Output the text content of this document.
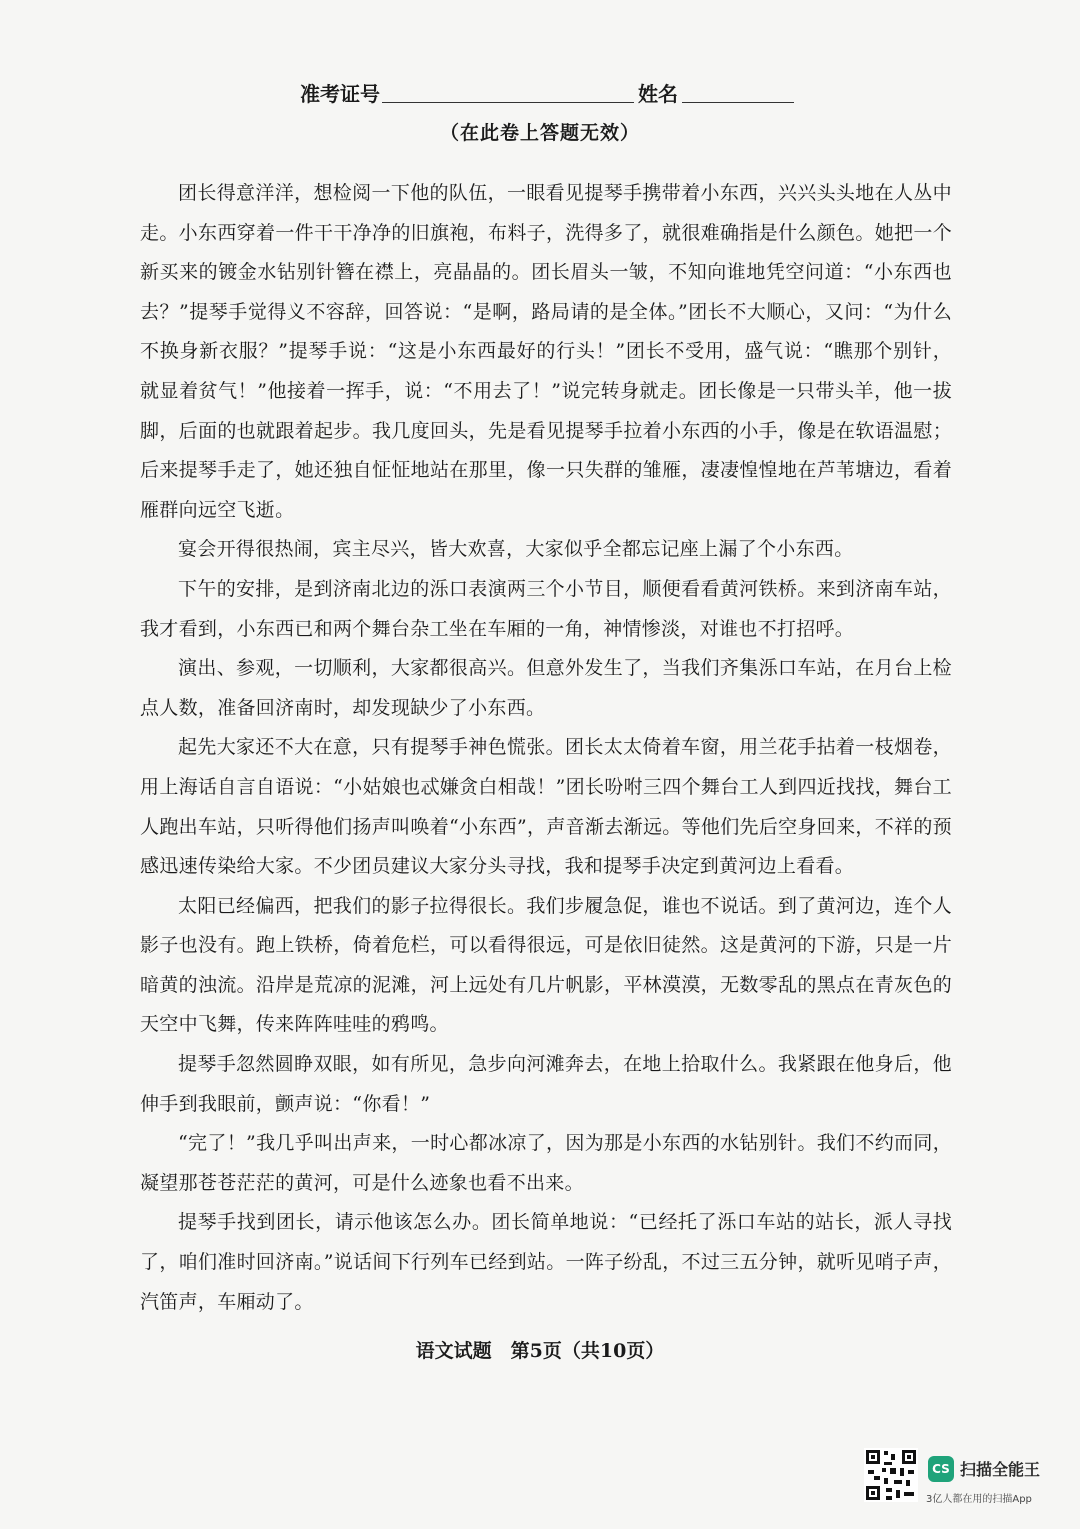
准考证号	姓名
（在此卷上答题无效）

团长得意洋洋，想检阅一下他的队伍，一眼看见提琴手携带着小东西，兴兴头头地在人丛中走。小东西穿着一件干干净净的旧旗袍，布料子，洗得多了，就很难确指是什么颜色。她把一个新买来的镀金水钻别针簪在襟上，亮晶晶的。团长眉头一皱，不知向谁地凭空问道：“小东西也去？”提琴手觉得义不容辞，回答说：“是啊，路局请的是全体。”团长不大顺心，又问：“为什么不换身新衣服？”提琴手说：“这是小东西最好的行头！”团长不受用，盛气说：“瞧那个别针，就显着贫气！”他接着一挥手，说：“不用去了！”说完转身就走。团长像是一只带头羊，他一拔脚，后面的也就跟着起步。我几度回头，先是看见提琴手拉着小东西的小手，像是在软语温慰；后来提琴手走了，她还独自怔怔地站在那里，像一只失群的雏雁，凄凄惶惶地在芦苇塘边，看着雁群向远空飞逝。

宴会开得很热闹，宾主尽兴，皆大欢喜，大家似乎全都忘记座上漏了个小东西。

下午的安排，是到济南北边的泺口表演两三个小节目，顺便看看黄河铁桥。来到济南车站，我才看到，小东西已和两个舞台杂工坐在车厢的一角，神情惨淡，对谁也不打招呼。

演出、参观，一切顺利，大家都很高兴。但意外发生了，当我们齐集泺口车站，在月台上检点人数，准备回济南时，却发现缺少了小东西。

起先大家还不大在意，只有提琴手神色慌张。团长太太倚着车窗，用兰花手拈着一枝烟卷，用上海话自言自语说：“小姑娘也忒嫌贪白相哉！”团长吩咐三四个舞台工人到四近找找，舞台工人跑出车站，只听得他们扬声叫唤着“小东西”，声音渐去渐远。等他们先后空身回来，不祥的预感迅速传染给大家。不少团员建议大家分头寻找，我和提琴手决定到黄河边上看看。

太阳已经偏西，把我们的影子拉得很长。我们步履急促，谁也不说话。到了黄河边，连个人影子也没有。跑上铁桥，倚着危栏，可以看得很远，可是依旧徒然。这是黄河的下游，只是一片暗黄的浊流。沿岸是荒凉的泥滩，河上远处有几片帆影，平林漠漠，无数零乱的黑点在青灰色的天空中飞舞，传来阵阵哇哇的鸦鸣。

提琴手忽然圆睁双眼，如有所见，急步向河滩奔去，在地上拾取什么。我紧跟在他身后，他伸手到我眼前，颤声说：“你看！”

“完了！”我几乎叫出声来，一时心都冰凉了，因为那是小东西的水钻别针。我们不约而同，凝望那苍苍茫茫的黄河，可是什么迹象也看不出来。

提琴手找到团长，请示他该怎么办。团长简单地说：“已经托了泺口车站的站长，派人寻找了，咱们准时回济南。”说话间下行列车已经到站。一阵子纷乱，不过三五分钟，就听见哨子声，汽笛声，车厢动了。

语文试题　第5页（共10页）
CS 扫描全能王
3亿人都在用的扫描App
